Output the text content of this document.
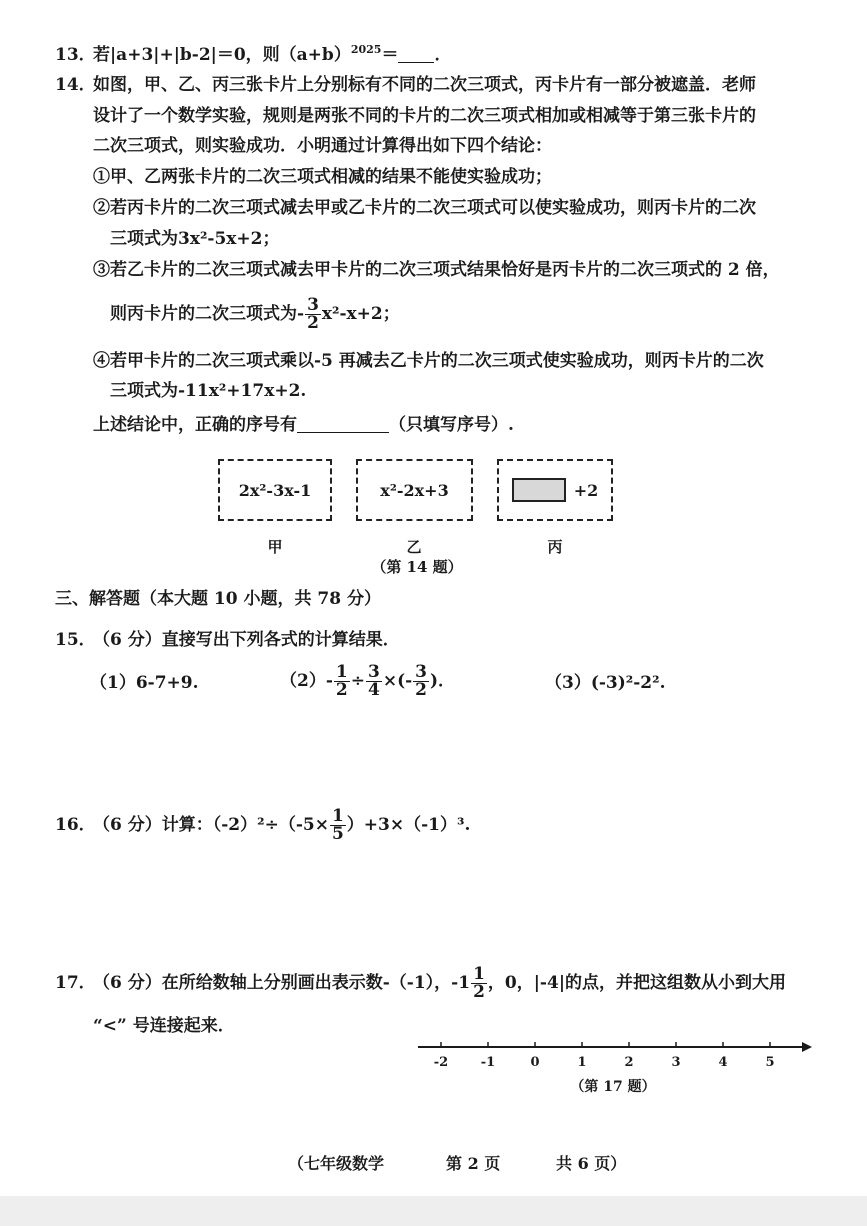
13．若|a+3|+|b-2|＝0，则$(a+b)^{2025}=$ ．
14．如图，甲、乙、丙三张卡片上分别标有不同的二次三项式，丙卡片有一部分被遮盖．老师
设计了一个数学实验，规则是两张不同的卡片的二次三项式相加或相减等于第三张卡片的
二次三项式，则实验成功．小明通过计算得出如下四个结论：
①甲、乙两张卡片的二次三项式相减的结果不能使实验成功；
②若丙卡片的二次三项式减去甲或乙卡片的二次三项式可以使实验成功，则丙卡片的二次
三项式为3x²-5x+2；
③若乙卡片的二次三项式减去甲卡片的二次三项式结果恰好是丙卡片的二次三项式的 2 倍，
则丙卡片的二次三项式为- $\frac{3}{2} x^2-x+2$；
④若甲卡片的二次三项式乘以-5 再减去乙卡片的二次三项式使实验成功，则丙卡片的二次
三项式为-11x²+17x+2.
上述结论中，正确的序号有	（只填写序号）.
2x²-3x-1	x²-2x+3	+2
甲	乙	丙
（第 14 题）
三、解答题（本大题 10 小题，共 78 分）
15．（6 分）直接写出下列各式的计算结果．
（1）6-7+9.	$(2)- \frac{1}{2} \div \frac{3}{4}$ ×(- $\frac{3}{2}$ )．	（3）(-3)²-2².
16．（6 分）计算：$(-2)^2\div(-5\times \frac{1}{5} )+3\times(-1)^3$.
17．（6 分）在所给数轴上分别画出表示数-（-1），$-1 \frac{1}{2}$ ，0，|-4|的点，并把这组数从小到大用
“<” 号连接起来．
-2	-1	0	1	2	3	4	5
（第 17 题）
（七年级数学	第 2 页	共 6 页）
